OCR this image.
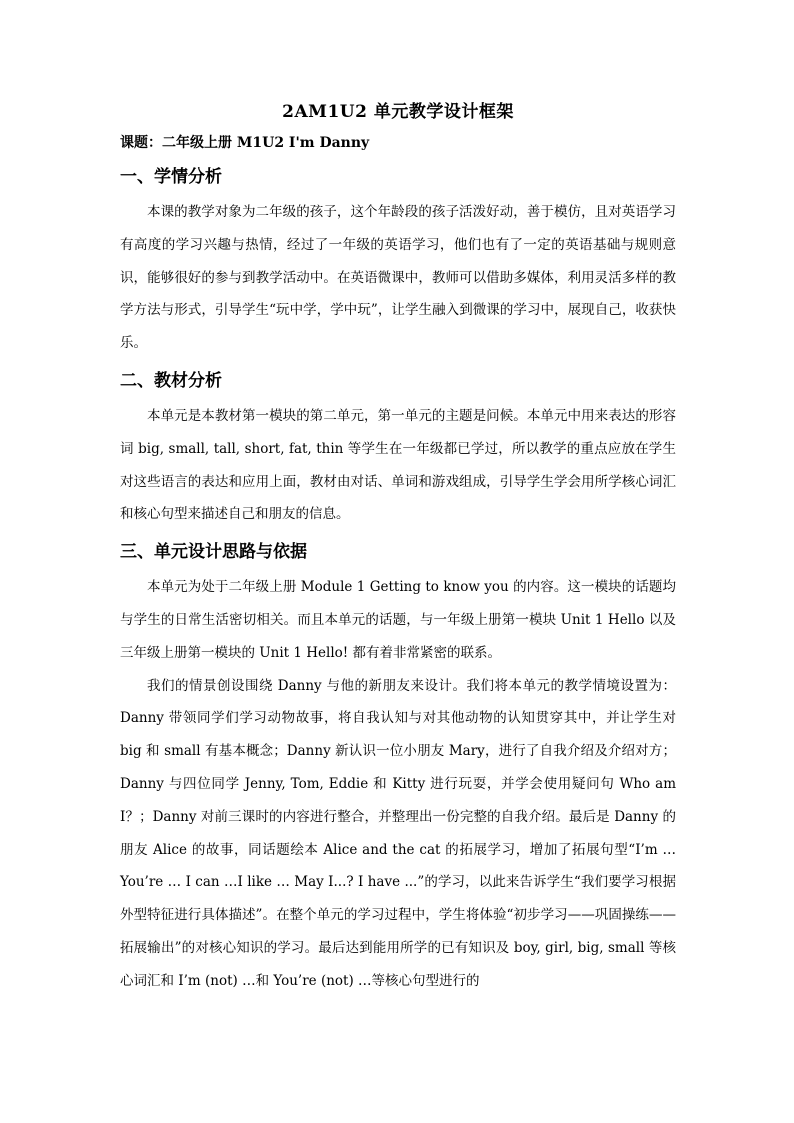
2AM1U2 单元教学设计框架
课题：二年级上册 M1U2 I'm Danny
一、学情分析

本课的教学对象为二年级的孩子，这个年龄段的孩子活泼好动，善于模仿，且对英语学习有高度的学习兴趣与热情，经过了一年级的英语学习，他们也有了一定的英语基础与规则意识，能够很好的参与到教学活动中。在英语微课中，教师可以借助多媒体，利用灵活多样的教学方法与形式，引导学生“玩中学，学中玩”，让学生融入到微课的学习中，展现自己，收获快乐。

二、教材分析

本单元是本教材第一模块的第二单元，第一单元的主题是问候。本单元中用来表达的形容词 big, small, tall, short, fat, thin 等学生在一年级都已学过，所以教学的重点应放在学生对这些语言的表达和应用上面，教材由对话、单词和游戏组成，引导学生学会用所学核心词汇和核心句型来描述自己和朋友的信息。

三、单元设计思路与依据

本单元为处于二年级上册 Module 1 Getting to know you 的内容。这一模块的话题均与学生的日常生活密切相关。而且本单元的话题，与一年级上册第一模块 Unit 1 Hello 以及三年级上册第一模块的 Unit 1 Hello! 都有着非常紧密的联系。

我们的情景创设围绕 Danny 与他的新朋友来设计。我们将本单元的教学情境设置为：Danny 带领同学们学习动物故事，将自我认知与对其他动物的认知贯穿其中，并让学生对 big 和 small 有基本概念；Danny 新认识一位小朋友 Mary，进行了自我介绍及介绍对方；Danny 与四位同学 Jenny, Tom, Eddie 和 Kitty 进行玩耍，并学会使用疑问句 Who am I？；Danny 对前三课时的内容进行整合，并整理出一份完整的自我介绍。最后是 Danny 的朋友 Alice 的故事，同话题绘本 Alice and the cat 的拓展学习，增加了拓展句型“I’m … You’re … I can …I like … May I...? I have ...”的学习，以此来告诉学生“我们要学习根据外型特征进行具体描述”。在整个单元的学习过程中，学生将体验“初步学习——巩固操练——拓展输出”的对核心知识的学习。最后达到能用所学的已有知识及 boy, girl, big, small 等核心词汇和 I’m (not) …和 You’re (not) …等核心句型进行的
